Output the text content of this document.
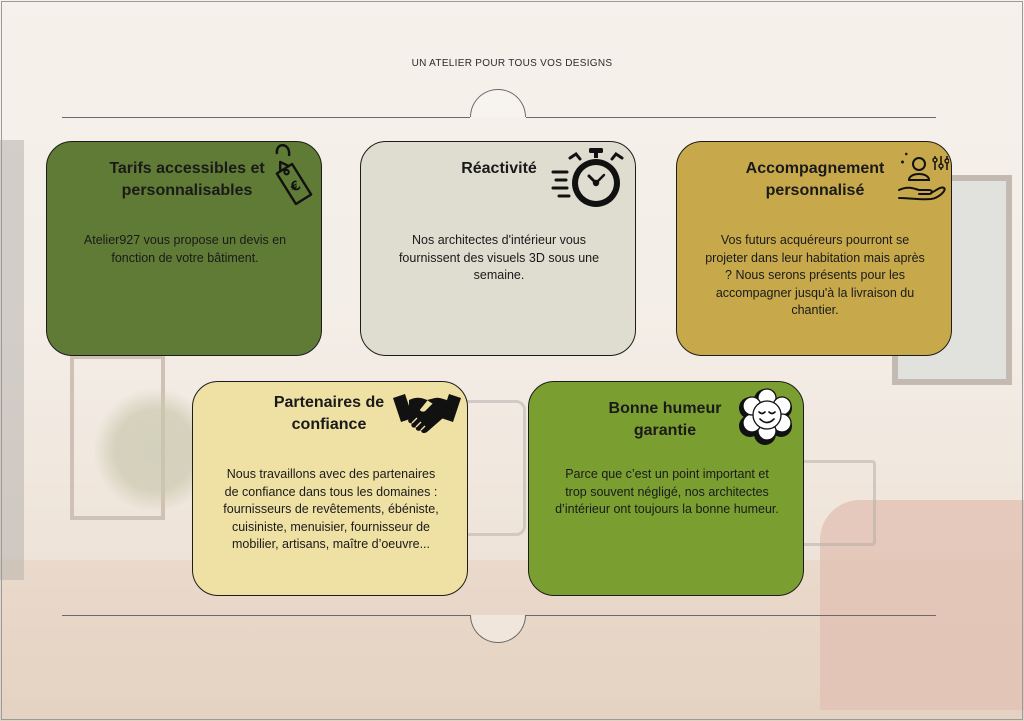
UN ATELIER POUR TOUS VOS DESIGNS
Tarifs accessibles et
personnalisables	€
Atelier927 vous propose un devis en fonction de votre bâtiment.
Réactivité
Nos architectes d'intérieur vous fournissent des visuels 3D sous une semaine.
Accompagnement
personnalisé
Vos futurs acquéreurs pourront se projeter dans leur habitation mais après ? Nous serons présents pour les accompagner jusqu'à la livraison du chantier.
Partenaires de
confiance
Nous travaillons avec des partenaires de confiance dans tous les domaines : fournisseurs de revêtements, ébéniste, cuisiniste, menuisier, fournisseur de mobilier, artisans, maître d’oeuvre...
Bonne humeur
garantie
Parce que c’est un point important et trop souvent négligé, nos architectes d’intérieur ont toujours la bonne humeur.
